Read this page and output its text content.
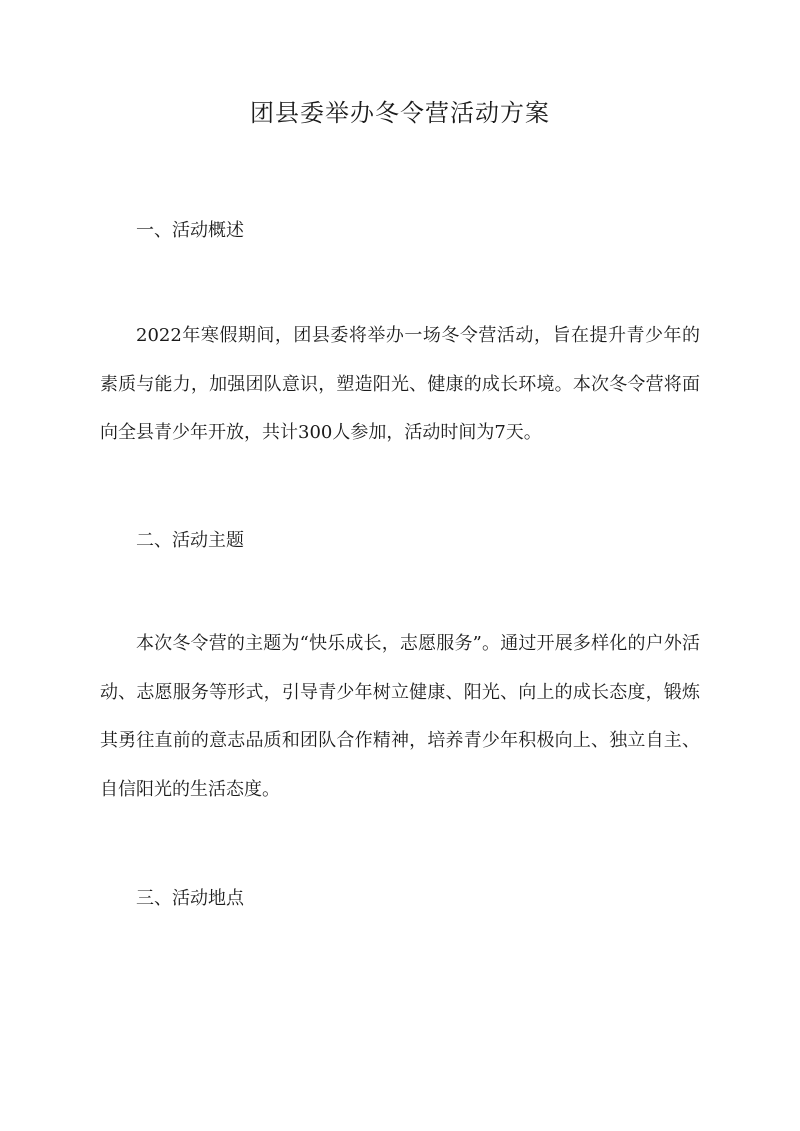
团县委举办冬令营活动方案
一、活动概述

2022年寒假期间，团县委将举办一场冬令营活动，旨在提升青少年的素质与能力，加强团队意识，塑造阳光、健康的成长环境。本次冬令营将面向全县青少年开放，共计300人参加，活动时间为7天。

二、活动主题

本次冬令营的主题为“快乐成长，志愿服务”。通过开展多样化的户外活动、志愿服务等形式，引导青少年树立健康、阳光、向上的成长态度，锻炼其勇往直前的意志品质和团队合作精神，培养青少年积极向上、独立自主、自信阳光的生活态度。

三、活动地点
